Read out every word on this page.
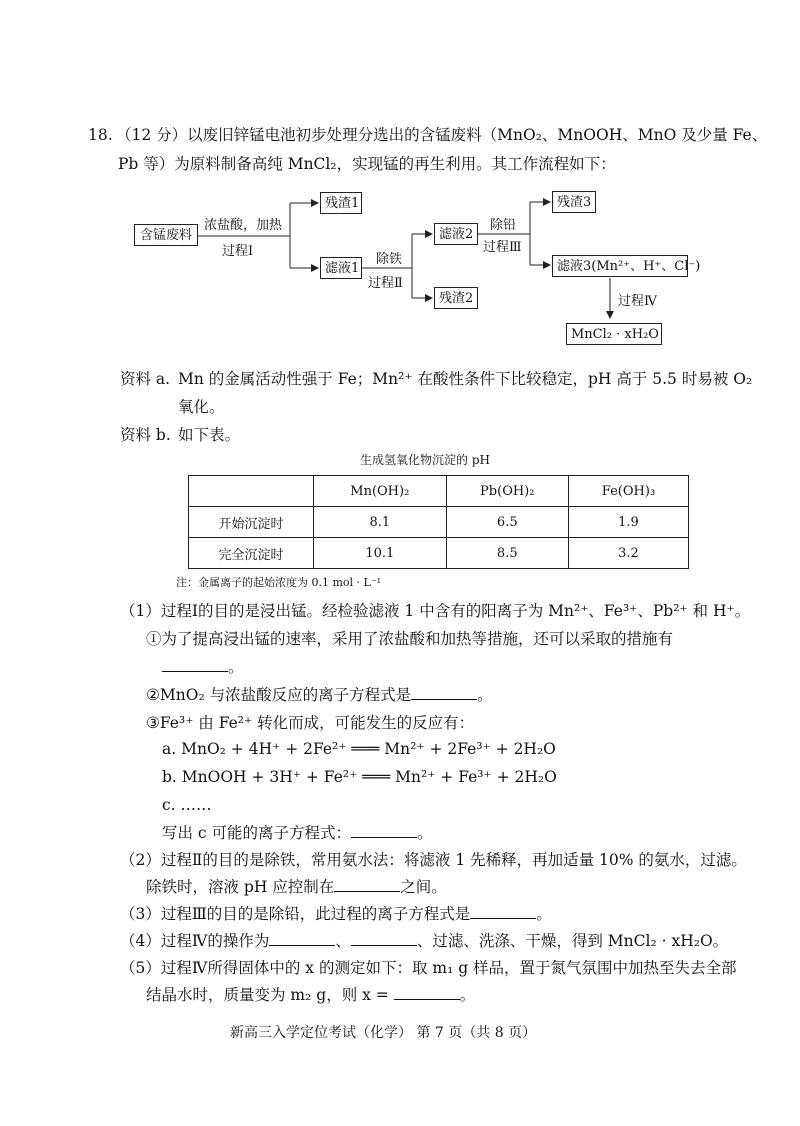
18. （12 分）以废旧锌锰电池初步处理分选出的含锰废料（MnO₂、MnOOH、MnO 及少量 Fe、
Pb 等）为原料制备高纯 MnCl₂，实现锰的再生利用。其工作流程如下：
含锰废料
浓盐酸，加热
过程Ⅰ
残渣1
滤液1
除铁
过程Ⅱ
滤液2
残渣2
除铅
过程Ⅲ
残渣3
滤液3(Mn²⁺、H⁺、Cl⁻)
过程Ⅳ
MnCl₂ · xH₂O
资料 a. Mn 的金属活动性强于 Fe；Mn²⁺ 在酸性条件下比较稳定，pH 高于 5.5 时易被 O₂
氧化。
资料 b. 如下表。
生成氢氧化物沉淀的 pH
	Mn(OH)₂	Pb(OH)₂	Fe(OH)₃
开始沉淀时	8.1	6.5	1.9
完全沉淀时	10.1	8.5	3.2
注：金属离子的起始浓度为 0.1 mol · L⁻¹
（1）过程Ⅰ的目的是浸出锰。经检验滤液 1 中含有的阳离子为 Mn²⁺、Fe³⁺、Pb²⁺ 和 H⁺。
①为了提高浸出锰的速率，采用了浓盐酸和加热等措施，还可以采取的措施有
。
②MnO₂ 与浓盐酸反应的离子方程式是	。
③Fe³⁺ 由 Fe²⁺ 转化而成，可能发生的反应有：
a. MnO₂ + 4H⁺ + 2Fe²⁺ ═══ Mn²⁺ + 2Fe³⁺ + 2H₂O
b. MnOOH + 3H⁺ + Fe²⁺ ═══ Mn²⁺ + Fe³⁺ + 2H₂O
c. ……
写出 c 可能的离子方程式：	。
（2）过程Ⅱ的目的是除铁，常用氨水法：将滤液 1 先稀释，再加适量 10% 的氨水，过滤。
除铁时，溶液 pH 应控制在	之间。
（3）过程Ⅲ的目的是除铅，此过程的离子方程式是	。
（4）过程Ⅳ的操作为	、	、过滤、洗涤、干燥，得到 MnCl₂ · xH₂O。
（5）过程Ⅳ所得固体中的 x 的测定如下：取 m₁ g 样品，置于氮气氛围中加热至失去全部
结晶水时，质量变为 m₂ g，则 x =	。
新高三入学定位考试（化学） 第 7 页（共 8 页）
